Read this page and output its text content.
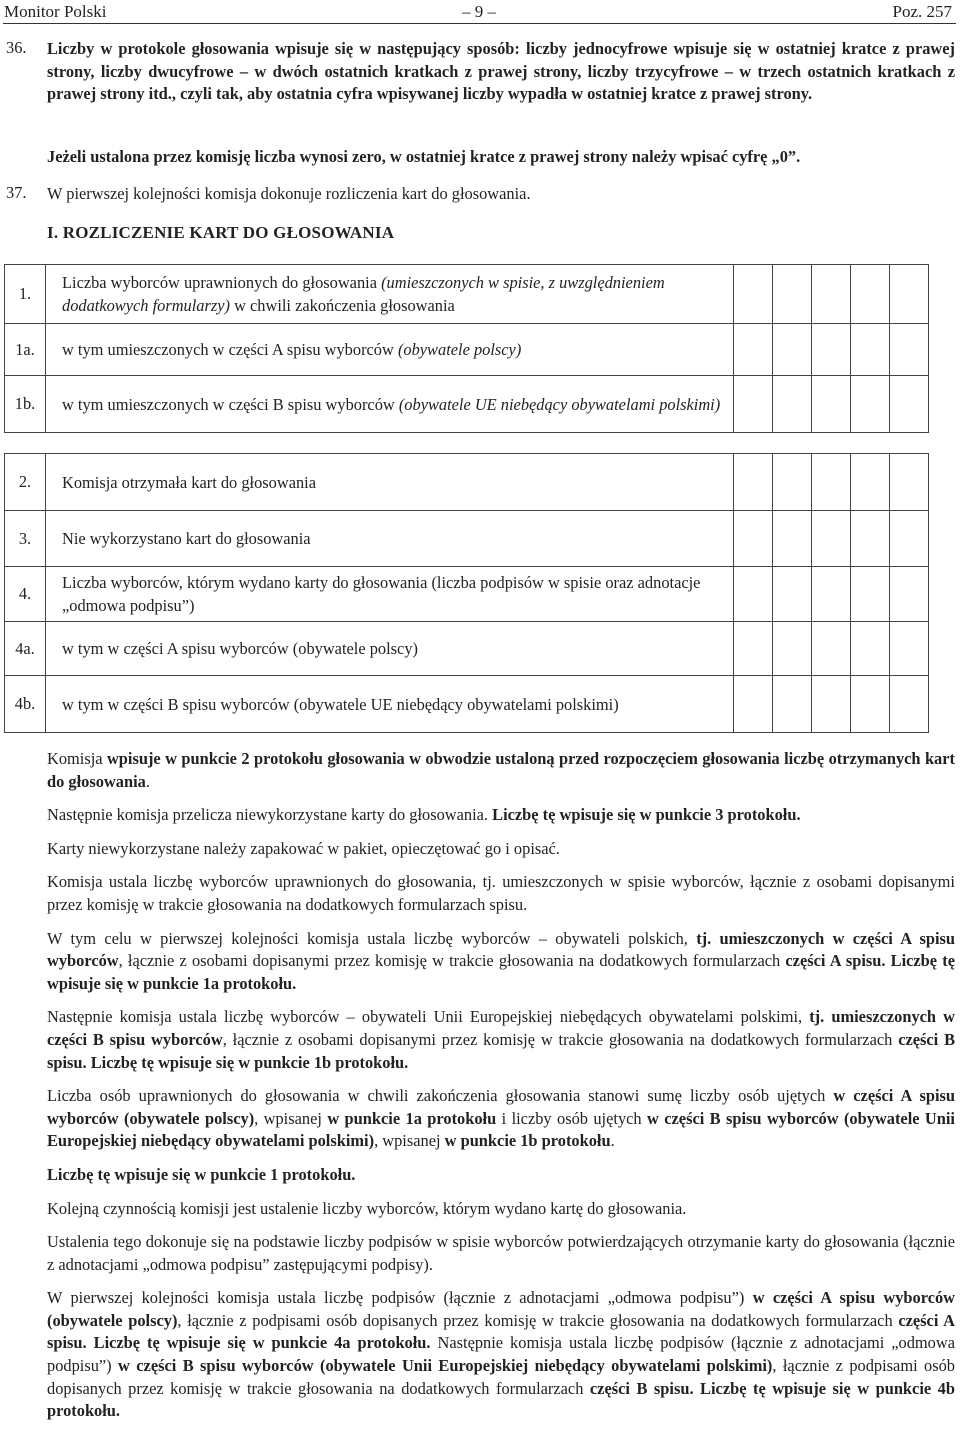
Monitor Polski	– 9 –	Poz. 257
36. Liczby w protokole głosowania wpisuje się w następujący sposób: liczby jednocyfrowe wpisuje się w ostatniej kratce z prawej strony, liczby dwucyfrowe – w dwóch ostatnich kratkach z prawej strony, liczby trzycyfrowe – w trzech ostatnich kratkach z prawej strony itd., czyli tak, aby ostatnia cyfra wpisywanej liczby wypadła w ostatniej kratce z prawej strony.

Jeżeli ustalona przez komisję liczba wynosi zero, w ostatniej kratce z prawej strony należy wpisać cyfrę „0”.

37. W pierwszej kolejności komisja dokonuje rozliczenia kart do głosowania.

I. ROZLICZENIE KART DO GŁOSOWANIA
1.	Liczba wyborców uprawnionych do głosowania (umieszczonych w spisie, z uwzględnieniem dodatkowych formularzy) w chwili zakończenia głosowania					
1a.	w tym umieszczonych w części A spisu wyborców (obywatele polscy)					
1b.	w tym umieszczonych w części B spisu wyborców (obywatele UE niebędący obywatelami polskimi)					
2.	Komisja otrzymała kart do głosowania					
3.	Nie wykorzystano kart do głosowania					
4.	Liczba wyborców, którym wydano karty do głosowania (liczba podpisów w spisie oraz adnotacje „odmowa podpisu”)					
4a.	w tym w części A spisu wyborców (obywatele polscy)					
4b.	w tym w części B spisu wyborców (obywatele UE niebędący obywatelami polskimi)					

Komisja wpisuje w punkcie 2 protokołu głosowania w obwodzie ustaloną przed rozpoczęciem głosowania liczbę otrzymanych kart do głosowania.

Następnie komisja przelicza niewykorzystane karty do głosowania. Liczbę tę wpisuje się w punkcie 3 protokołu.

Karty niewykorzystane należy zapakować w pakiet, opieczętować go i opisać.

Komisja ustala liczbę wyborców uprawnionych do głosowania, tj. umieszczonych w spisie wyborców, łącznie z osobami dopisanymi przez komisję w trakcie głosowania na dodatkowych formularzach spisu.

W tym celu w pierwszej kolejności komisja ustala liczbę wyborców – obywateli polskich, tj. umieszczonych w części A spisu wyborców, łącznie z osobami dopisanymi przez komisję w trakcie głosowania na dodatkowych formularzach części A spisu. Liczbę tę wpisuje się w punkcie 1a protokołu.

Następnie komisja ustala liczbę wyborców – obywateli Unii Europejskiej niebędących obywatelami polskimi, tj. umieszczonych w części B spisu wyborców, łącznie z osobami dopisanymi przez komisję w trakcie głosowania na dodatkowych formularzach części B spisu. Liczbę tę wpisuje się w punkcie 1b protokołu.

Liczba osób uprawnionych do głosowania w chwili zakończenia głosowania stanowi sumę liczby osób ujętych w części A spisu wyborców (obywatele polscy), wpisanej w punkcie 1a protokołu i liczby osób ujętych w części B spisu wyborców (obywatele Unii Europejskiej niebędący obywatelami polskimi), wpisanej w punkcie 1b protokołu.

Liczbę tę wpisuje się w punkcie 1 protokołu.

Kolejną czynnością komisji jest ustalenie liczby wyborców, którym wydano kartę do głosowania.

Ustalenia tego dokonuje się na podstawie liczby podpisów w spisie wyborców potwierdzających otrzymanie karty do głosowania (łącznie z adnotacjami „odmowa podpisu” zastępującymi podpisy).

W pierwszej kolejności komisja ustala liczbę podpisów (łącznie z adnotacjami „odmowa podpisu”) w części A spisu wyborców (obywatele polscy), łącznie z podpisami osób dopisanych przez komisję w trakcie głosowania na dodatkowych formularzach części A spisu. Liczbę tę wpisuje się w punkcie 4a protokołu. Następnie komisja ustala liczbę podpisów (łącznie z adnotacjami „odmowa podpisu”) w części B spisu wyborców (obywatele Unii Europejskiej niebędący obywatelami polskimi), łącznie z podpisami osób dopisanych przez komisję w trakcie głosowania na dodatkowych formularzach części B spisu. Liczbę tę wpisuje się w punkcie 4b protokołu.
